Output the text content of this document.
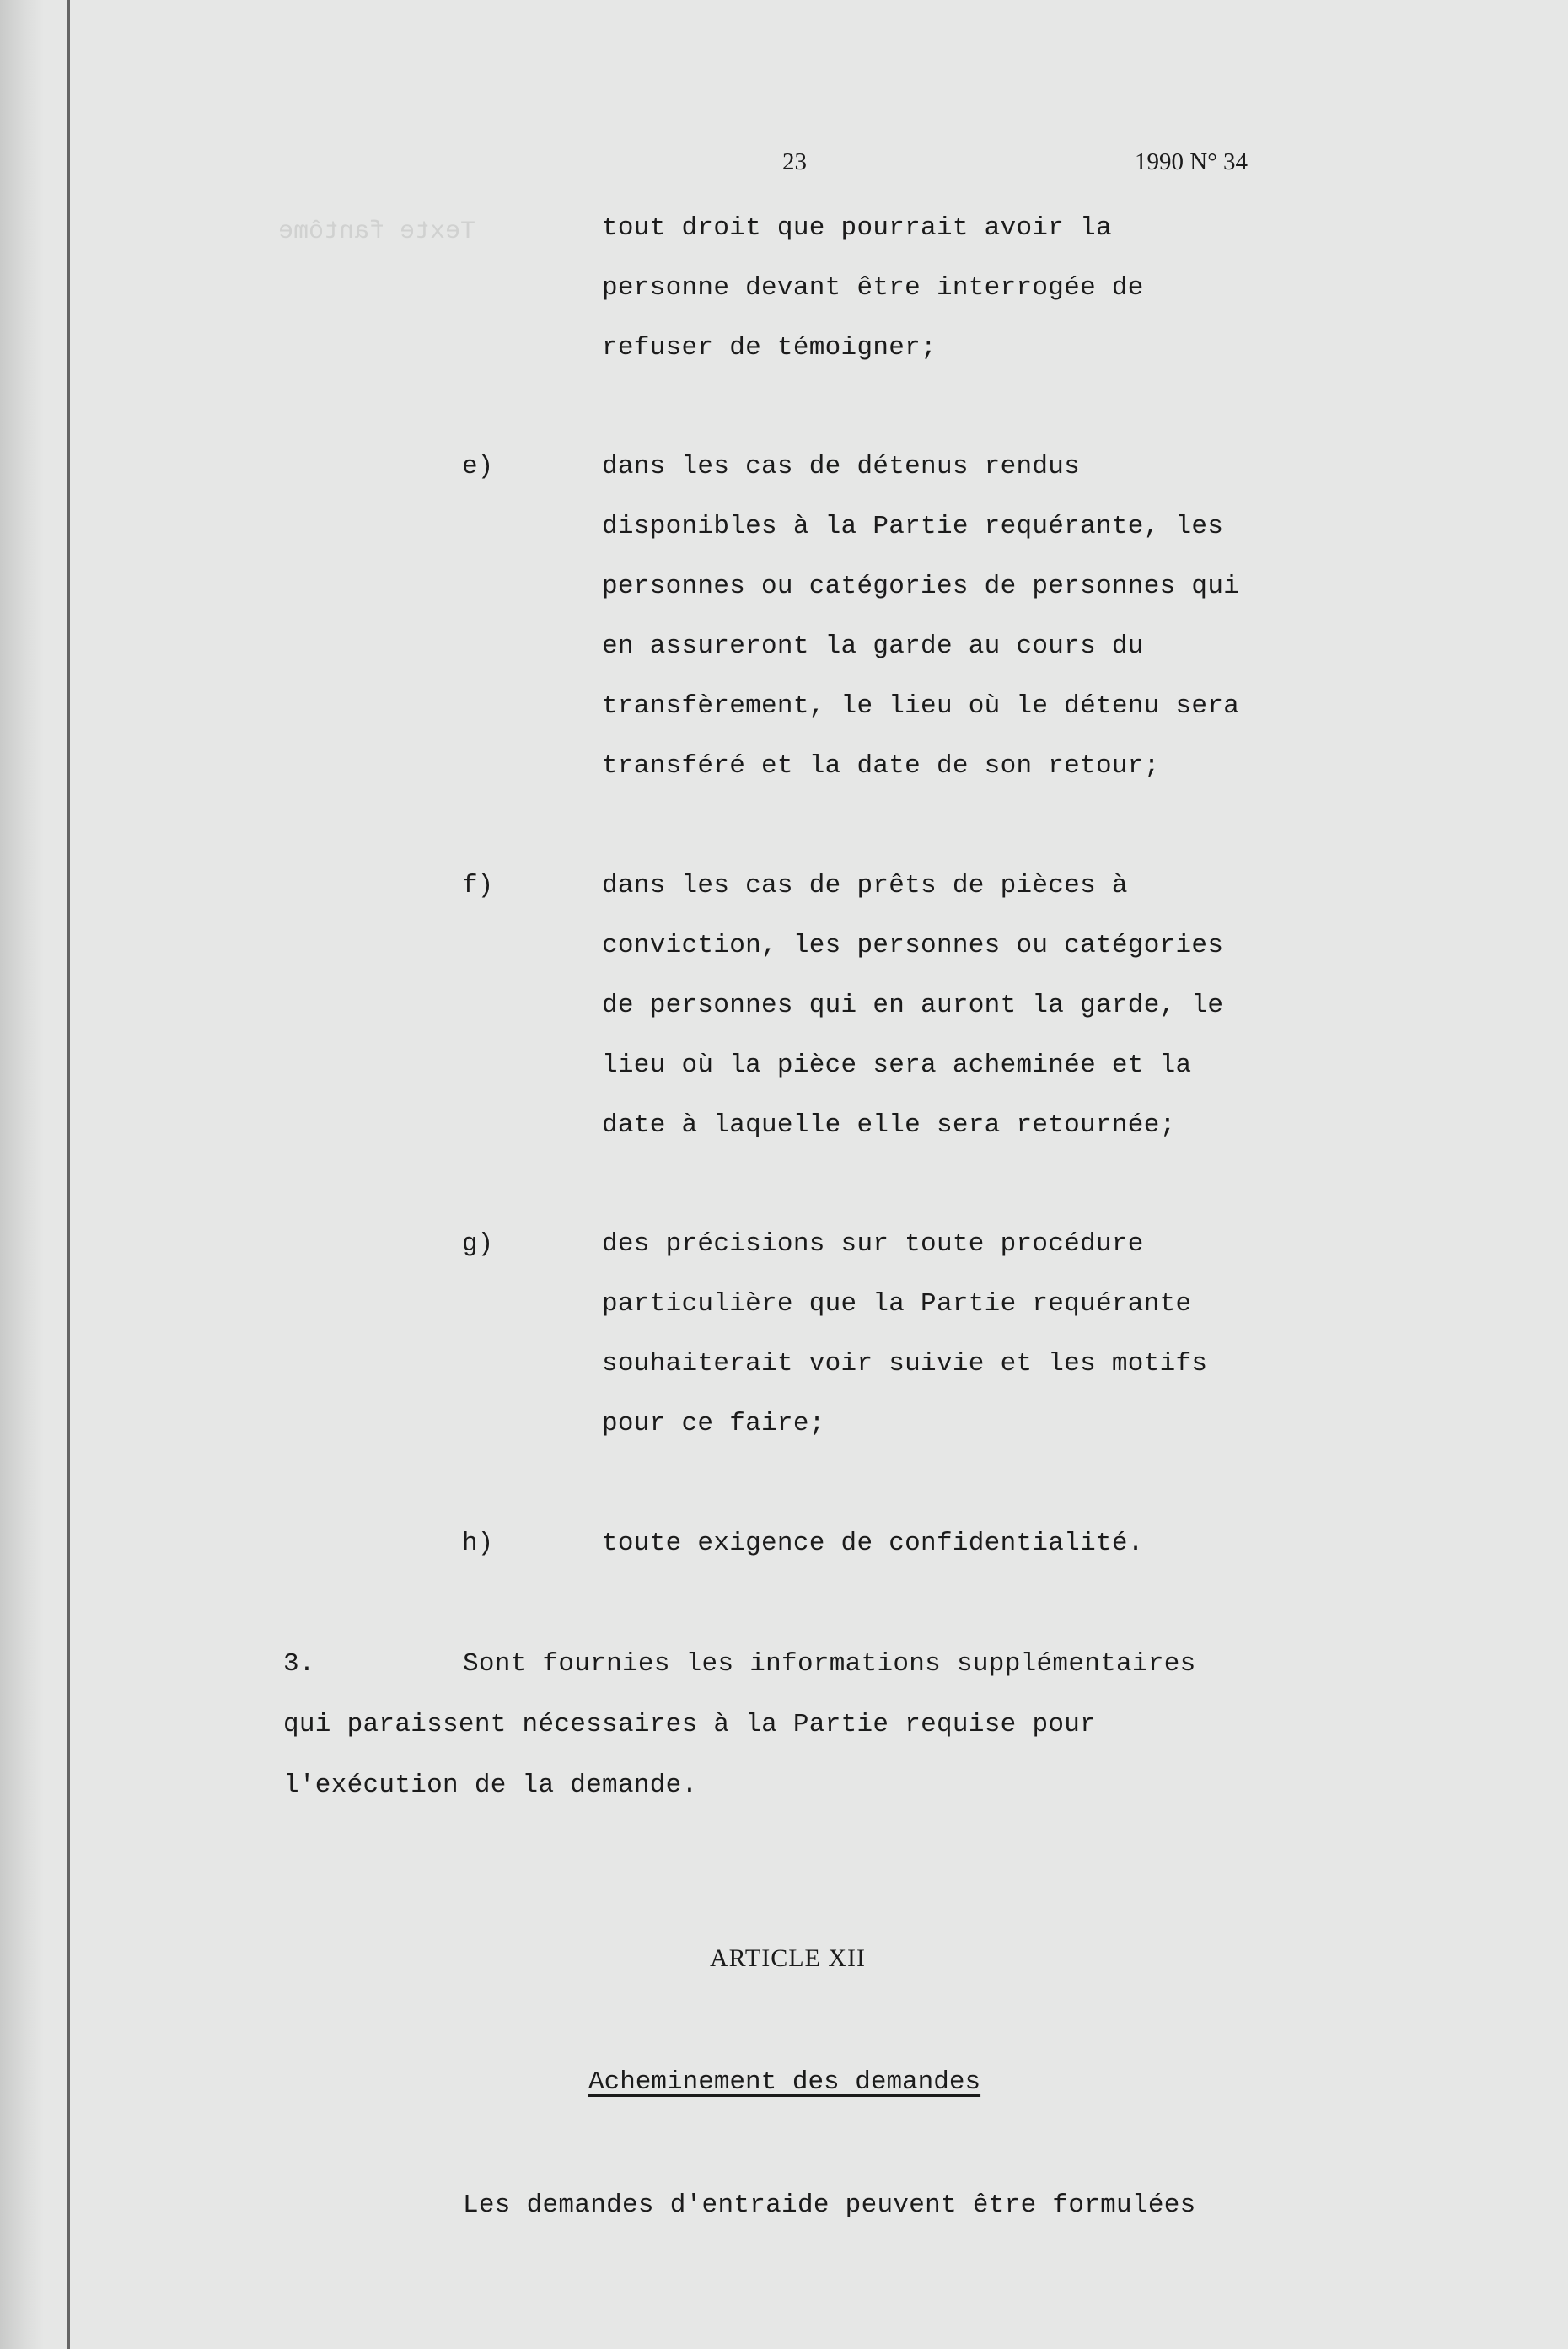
Texte fantôme
23	1990 N° 34
tout droit que pourrait avoir la
personne devant être interrogée de
refuser de témoigner;
e)	dans les cas de détenus rendus
disponibles à la Partie requérante, les
personnes ou catégories de personnes qui
en assureront la garde au cours du
transfèrement, le lieu où le détenu sera
transféré et la date de son retour;
f)	dans les cas de prêts de pièces à
conviction, les personnes ou catégories
de personnes qui en auront la garde, le
lieu où la pièce sera acheminée et la
date à laquelle elle sera retournée;
g)	des précisions sur toute procédure
particulière que la Partie requérante
souhaiterait voir suivie et les motifs
pour ce faire;
h)	toute exigence de confidentialité.
3.	Sont fournies les informations supplémentaires
qui paraissent nécessaires à la Partie requise pour
l'exécution de la demande.
ARTICLE XII
Acheminement des demandes
Les demandes d'entraide peuvent être formulées
